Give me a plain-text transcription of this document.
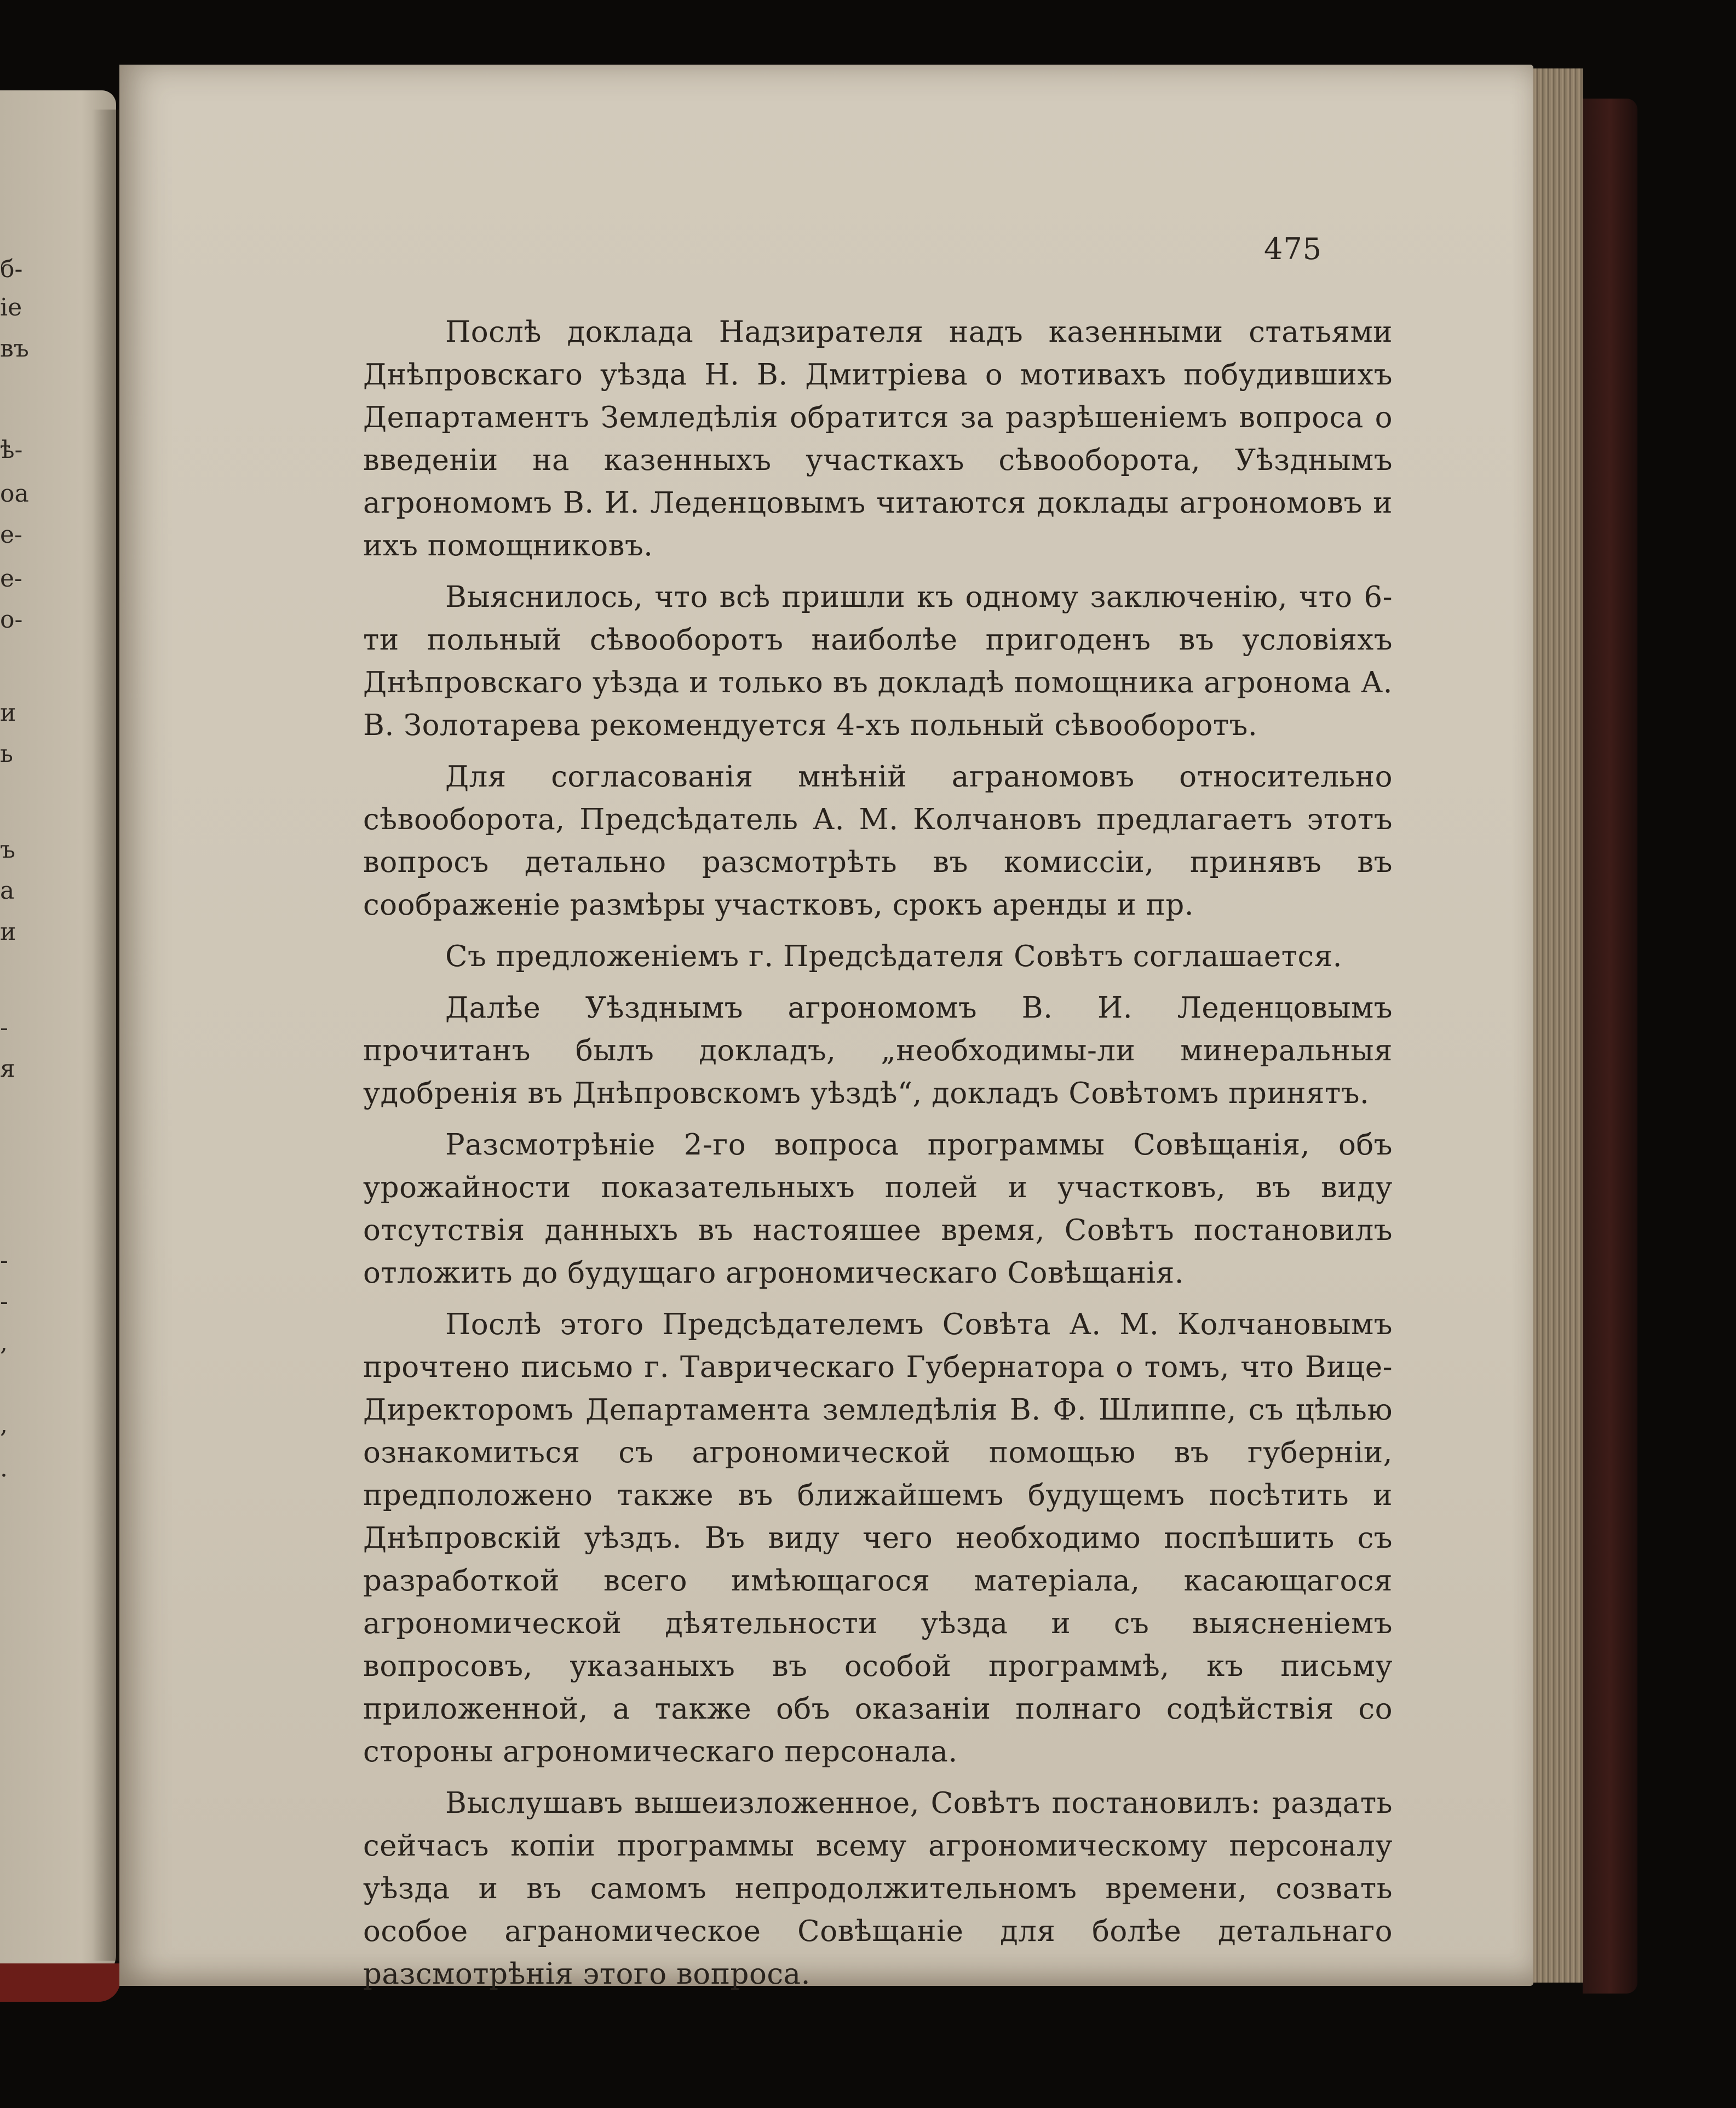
б-
іе
въ
ѣ-
оа
е-
е-
о-
и
ь
ъ
а
и
-
я
-
-
,
,
.
475

Послѣ доклада Надзирателя надъ казенными статьями Днѣпровскаго уѣзда Н. В. Дмитріева о мотивахъ побудившихъ Департаментъ Земледѣлія обратится за разрѣшеніемъ вопроса о введеніи на казенныхъ участкахъ сѣвооборота, Уѣзднымъ агрономомъ В. И. Леденцовымъ читаются доклады агрономовъ и ихъ помощниковъ.

Выяснилось, что всѣ пришли къ одному заключенію, что 6-ти польный сѣвооборотъ наиболѣе пригоденъ въ условіяхъ Днѣпровскаго уѣзда и только въ докладѣ помощника агронома А. В. Золотарева рекомендуется 4-хъ польный сѣвооборотъ.

Для согласованія мнѣній аграномовъ относительно сѣвооборота, Предсѣдатель А. М. Колчановъ предлагаетъ этотъ вопросъ детально разсмотрѣть въ комиссіи, принявъ въ соображеніе размѣры участковъ, срокъ аренды и пр.

Съ предложеніемъ г. Предсѣдателя Совѣтъ соглашается.

Далѣе Уѣзднымъ агрономомъ В. И. Леденцовымъ прочитанъ былъ докладъ, „необходимы-ли минеральныя удобренія въ Днѣпровскомъ уѣздѣ“, докладъ Совѣтомъ принятъ.

Разсмотрѣніе 2-го вопроса программы Совѣщанія, объ урожайности показательныхъ полей и участковъ, въ виду отсутствія данныхъ въ настояшее время, Совѣтъ постановилъ отложить до будущаго агрономическаго Совѣщанія.

Послѣ этого Предсѣдателемъ Совѣта А. М. Колчановымъ прочтено письмо г. Таврическаго Губернатора о томъ, что Вице-Директоромъ Департамента земледѣлія В. Ф. Шлиппе, съ цѣлью ознакомиться съ агрономической помощью въ губерніи, предположено также въ ближайшемъ будущемъ посѣтить и Днѣпровскій уѣздъ. Въ виду чего необходимо поспѣшить съ разработкой всего имѣющагося матеріала, касающагося агрономической дѣятельности уѣзда и съ выясненіемъ вопросовъ, указаныхъ въ особой программѣ, къ письму приложенной, а также объ оказаніи полнаго содѣйствія со стороны агрономическаго персонала.

Выслушавъ вышеизложенное, Совѣтъ постановилъ: раздать сейчасъ копіи программы всему агрономическому персоналу уѣзда и въ самомъ непродолжительномъ времени, созвать особое аграномическое Совѣщаніе для болѣе детальнаго разсмотрѣнія этого вопроса.
